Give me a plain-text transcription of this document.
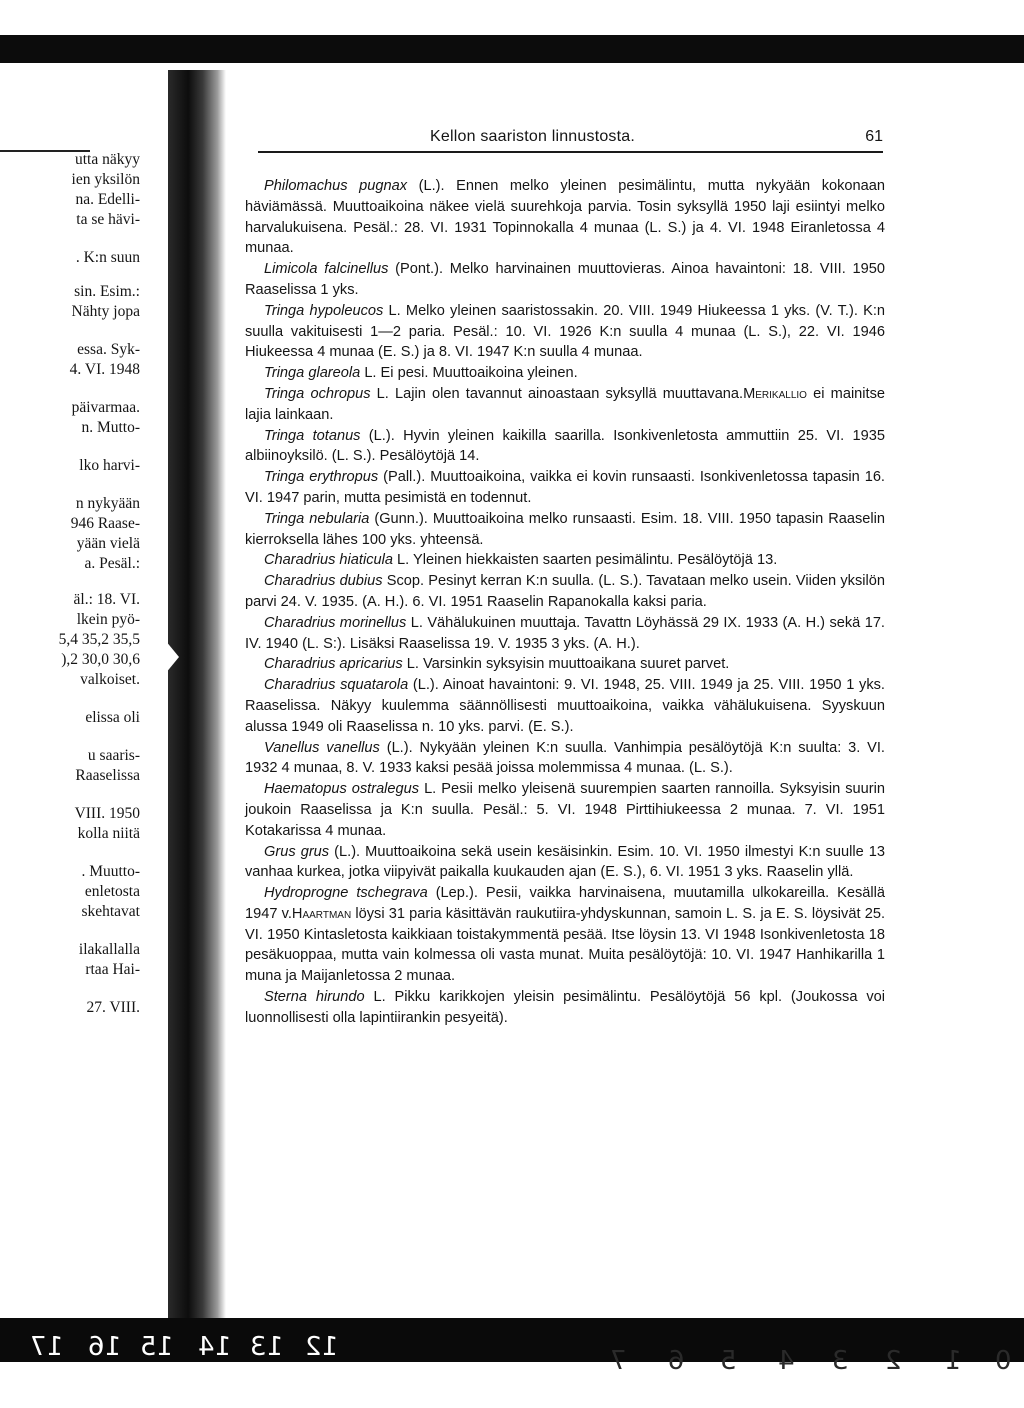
utta näkyy
ien yksilön
na. Edelli-
ta se hävi-
. K:n suun
sin. Esim.:
Nähty jopa
essa. Syk-
4. VI. 1948
päivarmaa.
n. Mutto-
lko harvi-
n nykyään
946 Raase-
yään vielä
a. Pesäl.:
äl.: 18. VI.
lkein pyö-
5,4 35,2 35,5
),2 30,0 30,6
valkoiset.
elissa oli
u saaris-
Raaselissa
VIII. 1950
kolla niitä
. Muutto-
enletosta
skehtavat
ilakallalla
rtaa Hai-
27. VIII.
Kellon saariston linnustosta.	61

Philomachus pugnax (L.). Ennen melko yleinen pesimälintu, mutta nykyään kokonaan häviämässä. Muuttoaikoina näkee vielä suurehkoja parvia. Tosin syksyllä 1950 laji esiintyi melko harvalukuisena. Pesäl.: 28. VI. 1931 Topinnokalla 4 munaa (L. S.) ja 4. VI. 1948 Eiranletossa 4 munaa.

Limicola falcinellus (Pont.). Melko harvinainen muuttovieras. Ainoa havaintoni: 18. VIII. 1950 Raaselissa 1 yks.

Tringa hypoleucos L. Melko yleinen saaristossakin. 20. VIII. 1949 Hiukeessa 1 yks. (V. T.). K:n suulla vakituisesti 1—2 paria. Pesäl.: 10. VI. 1926 K:n suulla 4 munaa (L. S.), 22. VI. 1946 Hiukeessa 4 munaa (E. S.) ja 8. VI. 1947 K:n suulla 4 munaa.

Tringa glareola L. Ei pesi. Muuttoaikoina yleinen.

Tringa ochropus L. Lajin olen tavannut ainoastaan syksyllä muuttavana.Merikallio ei mainitse lajia lainkaan.

Tringa totanus (L.). Hyvin yleinen kaikilla saarilla. Isonkivenletosta ammuttiin 25. VI. 1935 albiinoyksilö. (L. S.). Pesälöytöjä 14.

Tringa erythropus (Pall.). Muuttoaikoina, vaikka ei kovin runsaasti. Isonkivenletossa tapasin 16. VI. 1947 parin, mutta pesimistä en todennut.

Tringa nebularia (Gunn.). Muuttoaikoina melko runsaasti. Esim. 18. VIII. 1950 tapasin Raaselin kierroksella lähes 100 yks. yhteensä.

Charadrius hiaticula L. Yleinen hiekkaisten saarten pesimälintu. Pesälöytöjä 13.

Charadrius dubius Scop. Pesinyt kerran K:n suulla. (L. S.). Tavataan melko usein. Viiden yksilön parvi 24. V. 1935. (A. H.). 6. VI. 1951 Raaselin Rapanokalla kaksi paria.

Charadrius morinellus L. Vähälukuinen muuttaja. Tavattn Löyhässä 29 IX. 1933 (A. H.) sekä 17. IV. 1940 (L. S:). Lisäksi Raaselissa 19. V. 1935 3 yks. (A. H.).

Charadrius apricarius L. Varsinkin syksyisin muuttoaikana suuret parvet.

Charadrius squatarola (L.). Ainoat havaintoni: 9. VI. 1948, 25. VIII. 1949 ja 25. VIII. 1950 1 yks. Raaselissa. Näkyy kuulemma säännöllisesti muuttoaikoina, vaikka vähälukuisena. Syyskuun alussa 1949 oli Raaselissa n. 10 yks. parvi. (E. S.).

Vanellus vanellus (L.). Nykyään yleinen K:n suulla. Vanhimpia pesälöytöjä K:n suulta: 3. VI. 1932 4 munaa, 8. V. 1933 kaksi pesää joissa molemmissa 4 munaa. (L. S.).

Haematopus ostralegus L. Pesii melko yleisenä suurempien saarten rannoilla. Syksyisin suurin joukoin Raaselissa ja K:n suulla. Pesäl.: 5. VI. 1948 Pirttihiukeessa 2 munaa. 7. VI. 1951 Kotakarissa 4 munaa.

Grus grus (L.). Muuttoaikoina sekä usein kesäisinkin. Esim. 10. VI. 1950 ilmestyi K:n suulle 13 vanhaa kurkea, jotka viipyivät paikalla kuukauden ajan (E. S.), 6. VI. 1951 3 yks. Raaselin yllä.

Hydroprogne tschegrava (Lep.). Pesii, vaikka harvinaisena, muutamilla ulkokareilla. Kesällä 1947 v.Haartman löysi 31 paria käsittävän raukutiira-yhdyskunnan, samoin L. S. ja E. S. löysivät 25. VI. 1950 Kintasletosta kaikkiaan toistakymmentä pesää. Itse löysin 13. VI 1948 Isonkivenletosta 18 pesäkuoppaa, mutta vain kolmessa oli vasta munat. Muita pesälöytöjä: 10. VI. 1947 Hanhikarilla 1 muna ja Maijanletossa 2 munaa.

Sterna hirundo L. Pikku karikkojen yleisin pesimälintu. Pesälöytöjä 56 kpl. (Joukossa voi luonnollisesti olla lapintiirankin pesyeitä).

17 16 15 14 13 12	7 6 5 4 3 2 1 0
